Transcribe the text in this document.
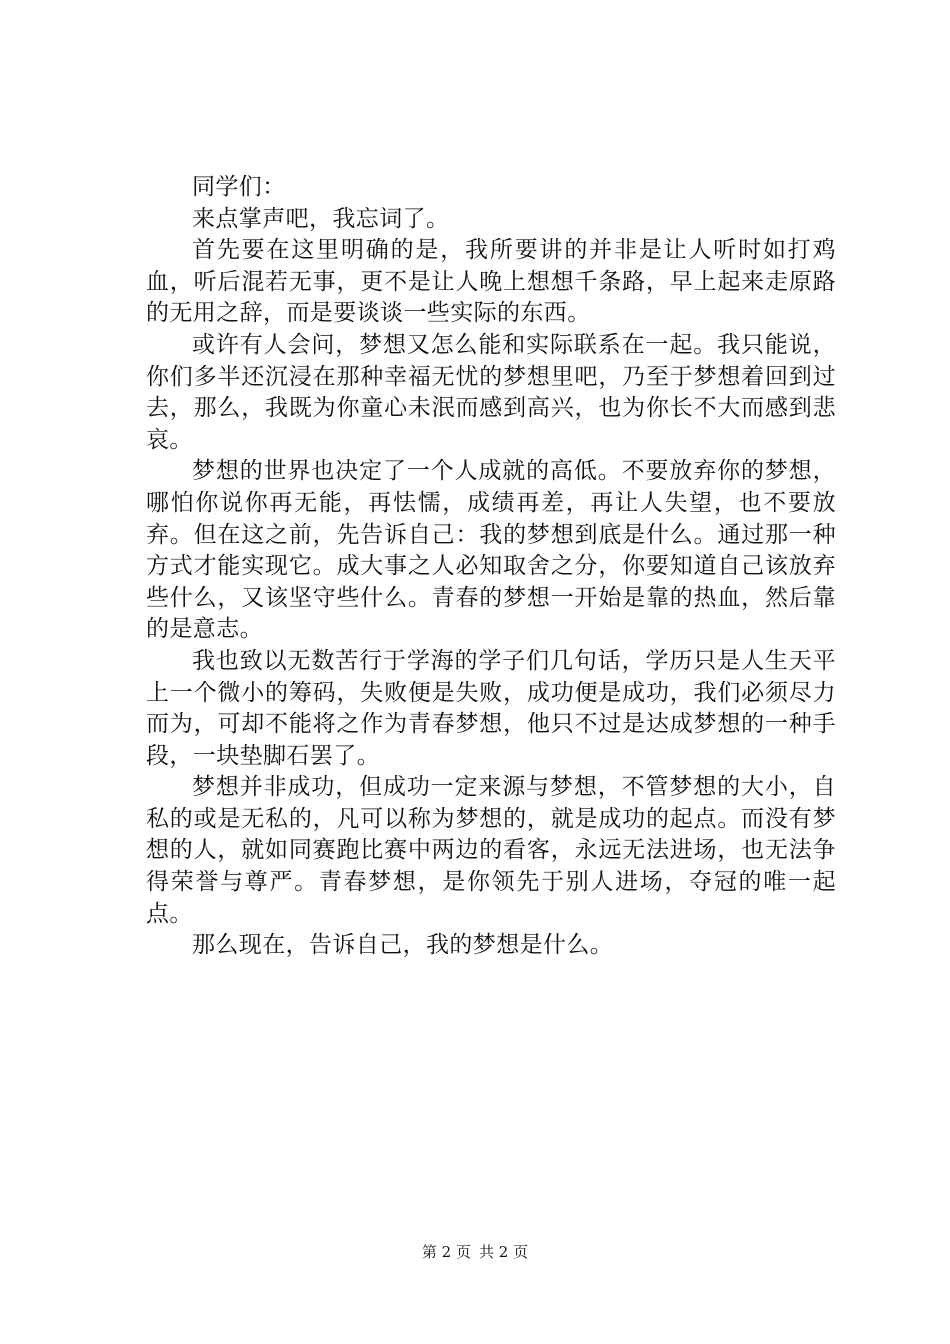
同学们：

来点掌声吧，我忘词了。

首先要在这里明确的是，我所要讲的并非是让人听时如打鸡血，听后混若无事，更不是让人晚上想想千条路，早上起来走原路的无用之辞，而是要谈谈一些实际的东西。

或许有人会问，梦想又怎么能和实际联系在一起。我只能说，你们多半还沉浸在那种幸福无忧的梦想里吧，乃至于梦想着回到过去，那么，我既为你童心未泯而感到高兴，也为你长不大而感到悲哀。

梦想的世界也决定了一个人成就的高低。不要放弃你的梦想，哪怕你说你再无能，再怯懦，成绩再差，再让人失望，也不要放弃。但在这之前，先告诉自己：我的梦想到底是什么。通过那一种方式才能实现它。成大事之人必知取舍之分，你要知道自己该放弃些什么，又该坚守些什么。青春的梦想一开始是靠的热血，然后靠的是意志。

我也致以无数苦行于学海的学子们几句话，学历只是人生天平上一个微小的筹码，失败便是失败，成功便是成功，我们必须尽力而为，可却不能将之作为青春梦想，他只不过是达成梦想的一种手段，一块垫脚石罢了。

梦想并非成功，但成功一定来源与梦想，不管梦想的大小，自私的或是无私的，凡可以称为梦想的，就是成功的起点。而没有梦想的人，就如同赛跑比赛中两边的看客，永远无法进场，也无法争得荣誉与尊严。青春梦想，是你领先于别人进场，夺冠的唯一起点。

那么现在，告诉自己，我的梦想是什么。

第 2 页 共 2 页
